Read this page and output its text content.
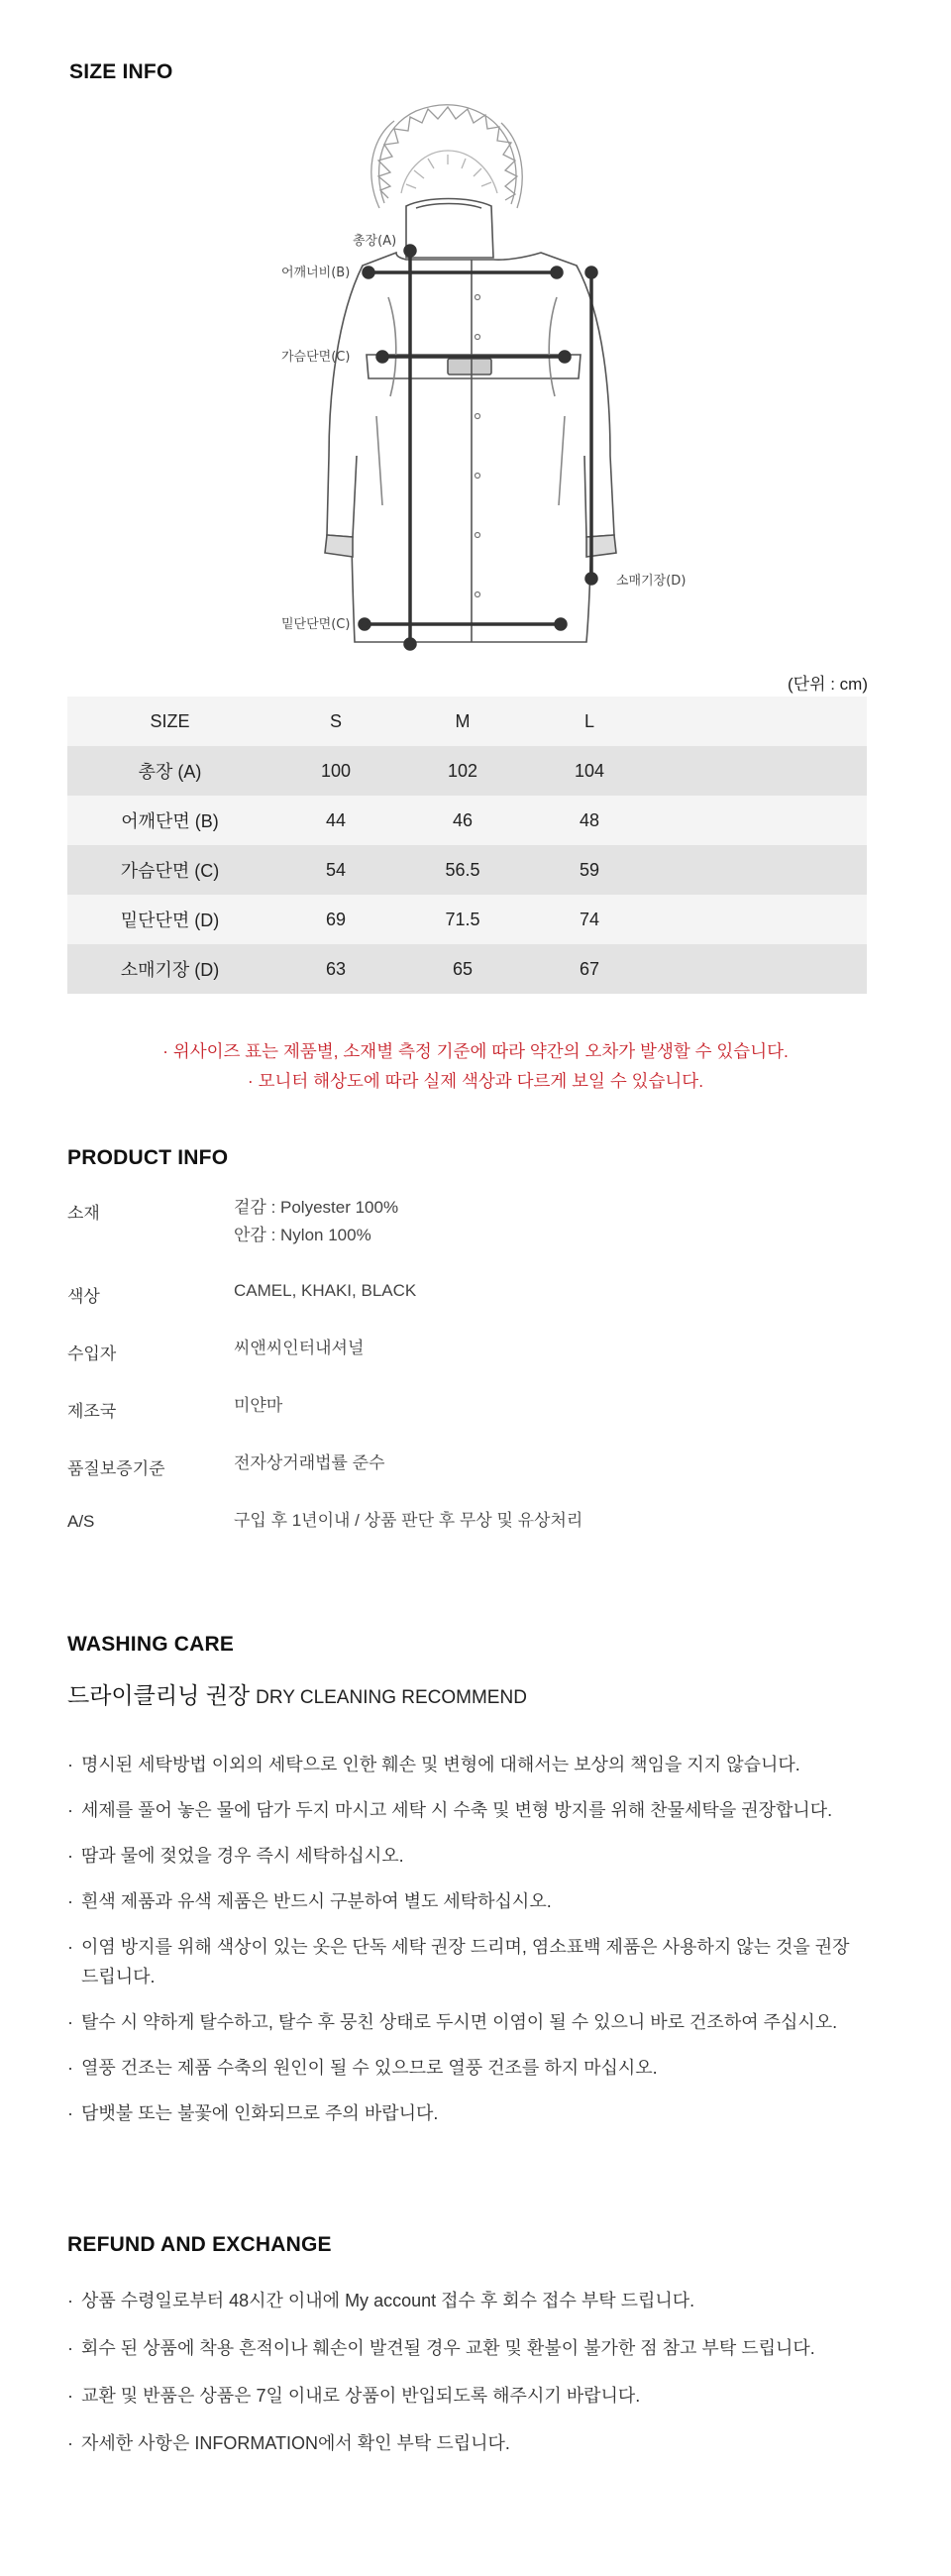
SIZE INFO
총장(A)
어깨너비(B)
가슴단면(C)
밑단단면(C)
소매기장(D)
(단위 : cm)
SIZE	S	M	L	
총장 (A)	100	102	104	
어깨단면 (B)	44	46	48	
가슴단면 (C)	54	56.5	59	
밑단단면 (D)	69	71.5	74	
소매기장 (D)	63	65	67	
· 위사이즈 표는 제품별, 소재별 측정 기준에 따라 약간의 오차가 발생할 수 있습니다.
· 모니터 해상도에 따라 실제 색상과 다르게 보일 수 있습니다.
PRODUCT INFO
소재	겉감 : Polyester 100%
안감 : Nylon 100%
색상	CAMEL, KHAKI, BLACK
수입자	씨앤씨인터내셔널
제조국	미얀마
품질보증기준	전자상거래법률 준수
A/S	구입 후 1년이내 / 상품 판단 후 무상 및 유상처리
WASHING CARE
드라이클리닝 권장 DRY CLEANING RECOMMEND
· 명시된 세탁방법 이외의 세탁으로 인한 훼손 및 변형에 대해서는 보상의 책임을 지지 않습니다.
· 세제를 풀어 놓은 물에 담가 두지 마시고 세탁 시 수축 및 변형 방지를 위해 찬물세탁을 권장합니다.
· 땀과 물에 젖었을 경우 즉시 세탁하십시오.
· 흰색 제품과 유색 제품은 반드시 구분하여 별도 세탁하십시오.
· 이염 방지를 위해 색상이 있는 옷은 단독 세탁 권장 드리며, 염소표백 제품은 사용하지 않는 것을 권장 드립니다.
· 탈수 시 약하게 탈수하고, 탈수 후 뭉친 상태로 두시면 이염이 될 수 있으니 바로 건조하여 주십시오.
· 열풍 건조는 제품 수축의 원인이 될 수 있으므로 열풍 건조를 하지 마십시오.
· 담뱃불 또는 불꽃에 인화되므로 주의 바랍니다.
REFUND AND EXCHANGE
· 상품 수령일로부터 48시간 이내에 My account 접수 후 회수 접수 부탁 드립니다.
· 회수 된 상품에 착용 흔적이나 훼손이 발견될 경우 교환 및 환불이 불가한 점 참고 부탁 드립니다.
· 교환 및 반품은 상품은 7일 이내로 상품이 반입되도록 해주시기 바랍니다.
· 자세한 사항은 INFORMATION에서 확인 부탁 드립니다.
